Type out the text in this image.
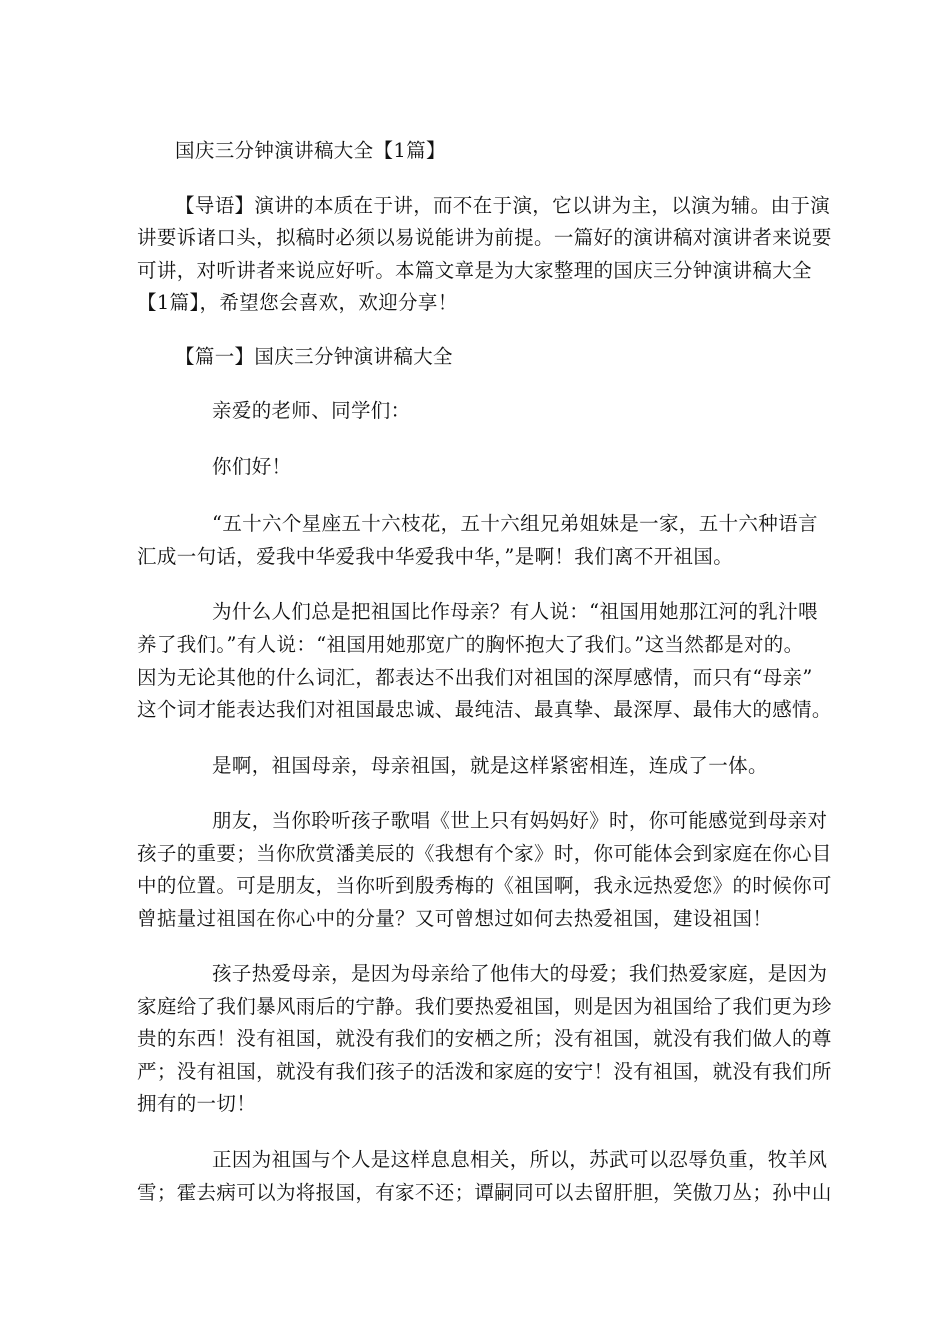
国庆三分钟演讲稿大全【1篇】
【导语】演讲的本质在于讲，而不在于演，它以讲为主，以演为辅。由于演
讲要诉诸口头，拟稿时必须以易说能讲为前提。一篇好的演讲稿对演讲者来说要
可讲，对听讲者来说应好听。本篇文章是为大家整理的国庆三分钟演讲稿大全
【1篇】，希望您会喜欢，欢迎分享！
【篇一】国庆三分钟演讲稿大全
亲爱的老师、同学们：
你们好！
“五十六个星座五十六枝花，五十六组兄弟姐妹是一家，五十六种语言
汇成一句话，爱我中华爱我中华爱我中华，”是啊！我们离不开祖国。
为什么人们总是把祖国比作母亲？有人说：“祖国用她那江河的乳汁喂
养了我们。”有人说：“祖国用她那宽广的胸怀抱大了我们。”这当然都是对的。
因为无论其他的什么词汇，都表达不出我们对祖国的深厚感情，而只有“母亲”
这个词才能表达我们对祖国最忠诚、最纯洁、最真挚、最深厚、最伟大的感情。
是啊，祖国母亲，母亲祖国，就是这样紧密相连，连成了一体。
朋友，当你聆听孩子歌唱《世上只有妈妈好》时，你可能感觉到母亲对
孩子的重要；当你欣赏潘美辰的《我想有个家》时，你可能体会到家庭在你心目
中的位置。可是朋友，当你听到殷秀梅的《祖国啊，我永远热爱您》的时候你可
曾掂量过祖国在你心中的分量？又可曾想过如何去热爱祖国，建设祖国！
孩子热爱母亲，是因为母亲给了他伟大的母爱；我们热爱家庭，是因为
家庭给了我们暴风雨后的宁静。我们要热爱祖国，则是因为祖国给了我们更为珍
贵的东西！没有祖国，就没有我们的安栖之所；没有祖国，就没有我们做人的尊
严；没有祖国，就没有我们孩子的活泼和家庭的安宁！没有祖国，就没有我们所
拥有的一切！
正因为祖国与个人是这样息息相关，所以，苏武可以忍辱负重，牧羊风
雪；霍去病可以为将报国，有家不还；谭嗣同可以去留肝胆，笑傲刀丛；孙中山
